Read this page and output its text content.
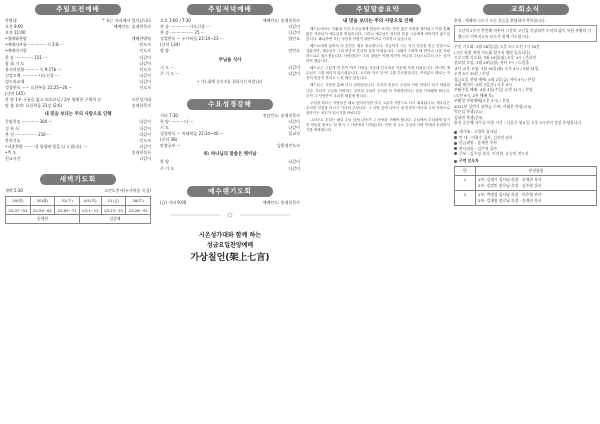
주일오전예배
찬양대	* 표는 자리에서 일어납니다
오전 9:00	예배인도: 송재천목사
오전 11:00
•경배와찬양	예배찬양팀
•예배의부름 ·············· 시 2:8 ···	인도자
•예배의기원	인도자
찬 송 ·············· 151 ···	다같이
참 회 기 도	다같이
용서의말씀 ·········· 눅 9:17b ···	인도자
신앙고백 ············ 사도신경 ···	다같이
성도의교제	다같이
성경봉독 ······ 요한복음 21:25~26 ···	인도자
(신약 145)
찬 양 1부 구름을 뚫고 떠오르니 / 2부 영원한 구원의 문	시온성가대
말 씀 요약: 요한복음 21장 (2:6)	송재천목사
내 믿음 보다는 주의 사랑으로 인해
응답찬송 ············· 304 ···	다같이
성 찬 식	다같이
봉 헌 ················· 216 ···	다같이
봉헌기도	인도자
•파송찬양 ······· 내 평생에 빛을 다 드립니다 ···	다같이
•축 도	송재천목사
친교시간	다같이
새벽기도회
새벽 5:30	고린도전서(누가복음 묵상)
29(월)	30(화)	31(수)	4/1(목)	21(금)	28(토)
22:47~53	22:54~62	22:63~71	23:1~12	23:13~25	23:26~31
송재천			김종채		
주일저녁예배
오후 3:00 / 7:30	예배인도: 송재천목사
찬 송 ·············· 사도신경 ···	다같이
찬 송 ·················· 25 ···	다같이
성경봉독 ··· 누가복음 22:14~23 ···	말인도
(신약 134)
말 씀	말인도
주님을 식사
기 도 ···	다같이
주 기 도 ···	다같이
* 기도회에 순서지를 접하시기 바랍니다
수요성경강해
저녁 7:30	전담인도: 송재천목사
찬 양 ·········· 다 ···	다같이
기 도	다같이
성경봉독 ··· 마태복음 22:34~40 ···	설교자
(신약 38)
말씀공부 ···	김원재전도사
위: 하나님의 말씀은 옛이날
찬 양	다같이
주 기 도	다같이
예수랜기도회
(금) 저녁 9:00	예배인도: 송재천목사
시온성가대와 함께 하는
성금요일찬양예배
가상칠언(架上七言)
주일말씀요약
내 믿음 보다는 주의 사랑으로 인해

베드로에서는 부활절 기간 초주들에게 한동안 보이는 풍만 많은 표현을 행하였고 이를 통해 많은 사람들이 예수님을 믿었습니다. 그러나 예수님은 당신의 몸을 그들에게 의탁하지 않으셨습니다. 왜냐하면 모든 사람을 아셨기 때문이라고 기록하고 있습니다.

베드로에게 있어서 이 순간은 매우 중요합니다. 지금까지 그는 자기 자신을 믿는 믿음으로 살았지만, 예수님은 그의 믿음이 흔들릴 것을 아셨습니다. 그래서 그에게 세 번이나 나를 사랑하느냐고 물으셨습니다. 사랑한다는 그의 대답은 이제 자신이 아니라 주님으로부터 오는 것이어야 했습니다.

베드로는 그렇게 한 선이 여러 사람들 가운데 부끄러운 가운데 서게 되었습니다. 하지만 예수님은 그를 버리지 않으셨습니다. 오히려 다시 한 번 그를 부르셨습니다. 여러분도 때로는 자신의 믿음이 작다고 느낄 때가 있습니다.

베드로는 사랑을 통해 다시 일어났습니다. 우리의 믿음도 주님의 사랑 안에서 다시 세워집니다. 우리가 주님을 사랑하는 것보다 주님이 우리를 더 사랑하신다는 것을 기억해야 합니다. 오직 그 사랑만이 우리를 새롭게 합니다.

주님을 따르는 사람들은 때로 넘어지지만 결국 그분의 사랑으로 다시 회복됩니다. 예수님은 우리의 약함을 아시고 기다려 주십니다. 그 사랑 앞에 나아가 내 믿음이 아니라 주의 사랑으로 살아가는 성도가 되시기를 바랍니다.

그러므로 우리는 매일 주님 앞에 나아가 그 사랑을 구해야 합니다. 주님께서 우리에게 맡기신 양들을 돌보는 일 역시 그 사랑에서 시작됩니다. 이번 한 주도 주님의 사랑 안에서 승리하시기를 축복합니다.

교회소식
환영 : 예배에 나오신 모든 분들을 환영하며 축복합니다.
고난의 1주가 충만해 비추어 그분의 고난을 묵상하며 우리의 삶이 복된 부활의 기쁨으로 이어지도록 모두가 함께 기도합시다.
주일 기도회: 3월 28일(일) 오후 3시 오전 7시 30분
(고난 특별 새벽 기도회 참가자 명단 있습니다)
프로그램 기도회: 3월 29일(월) 오후 4시 / 온라인
선교팀 모임: 3월 29일(월) 저녁 7시 / 드림홀
교사 교육 모임: 3월 30일(화) 오후 4시 / 3월 31일
오전 5시 30분 / 본당
성금요일 찬양 예배: 4월 2일(금) 저녁 9시 / 본당
교회 데이트: 4월 3일(토) 오후 9시
부활주일 예배: 4월 4일(주일) 오전 11시 / 본당
(오전 9시, 2부 예배 후)
부활절 연합예배(오후 2시) / 본당
2021년 상반기 장학금 수여: 이태온 학생(고3)
박준섭 학생(고1)
김하연 학생(중3)
통천 공동체 사무실 이용 시간 : 다음주 월요일 오후 2시부터 정상 운영합니다.
새가족 : 고경희 집사님
안 내 : 이용수 집사, 김서연 권사
헌금위원 : 송재천 목사
봉사위원 : 김주원 집사
주보 : 김주성 목사, 이지현, 유승민 전도사
구역 인도자
번	봉헌위원
1	1부: 김재기 집사님 목장 · 송재천 목사
2부: 김정민 장로님 목장 · 김주원 집사
2	1부: 박명성 집사님 목장 · 이은영 권사
2부: 김재원 장로님 목장 · 송재천 목사
